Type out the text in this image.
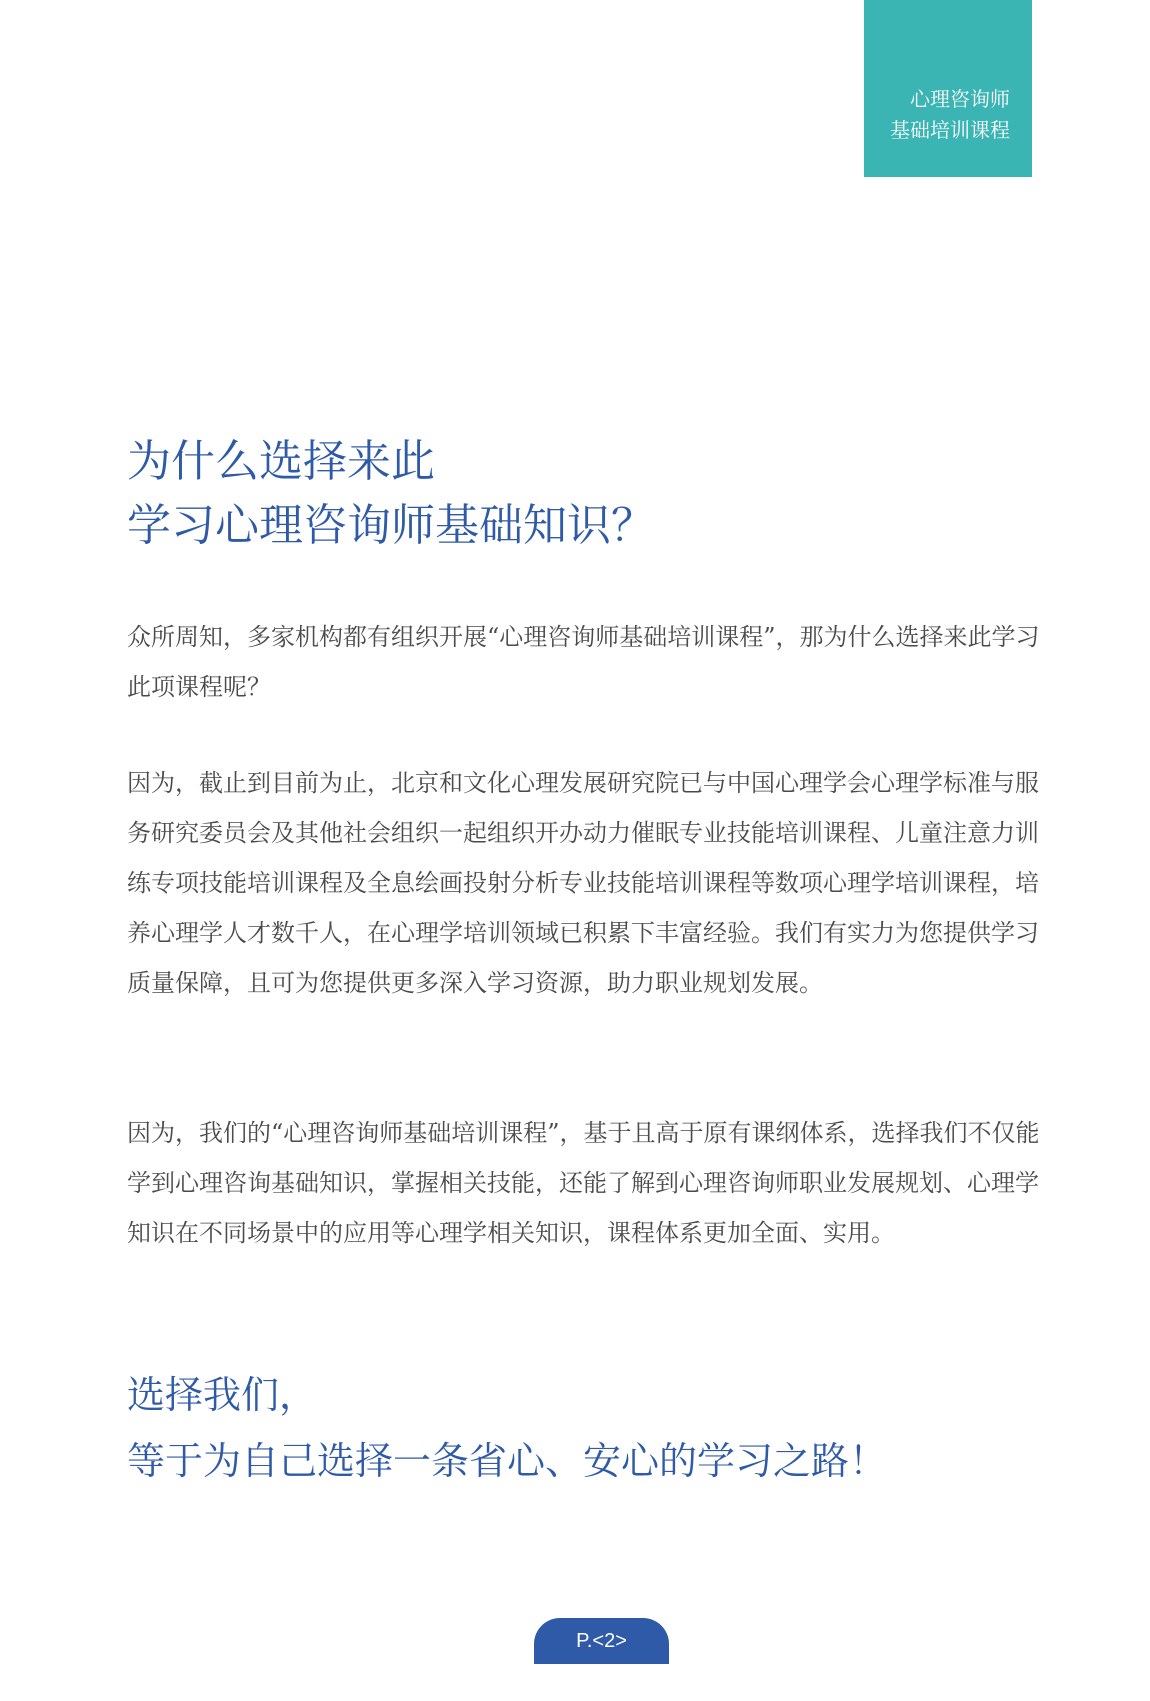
心理咨询师
基础培训课程
为什么选择来此
学习心理咨询师基础知识？

众所周知，多家机构都有组织开展“心理咨询师基础培训课程”，那为什么选择来此学习此项课程呢？

因为，截止到目前为止，北京和文化心理发展研究院已与中国心理学会心理学标准与服务研究委员会及其他社会组织一起组织开办动力催眠专业技能培训课程、儿童注意力训练专项技能培训课程及全息绘画投射分析专业技能培训课程等数项心理学培训课程，培养心理学人才数千人，在心理学培训领域已积累下丰富经验。我们有实力为您提供学习质量保障，且可为您提供更多深入学习资源，助力职业规划发展。

因为，我们的“心理咨询师基础培训课程”，基于且高于原有课纲体系，选择我们不仅能学到心理咨询基础知识，掌握相关技能，还能了解到心理咨询师职业发展规划、心理学知识在不同场景中的应用等心理学相关知识，课程体系更加全面、实用。

选择我们，
等于为自己选择一条省心、安心的学习之路！
P.<2>
